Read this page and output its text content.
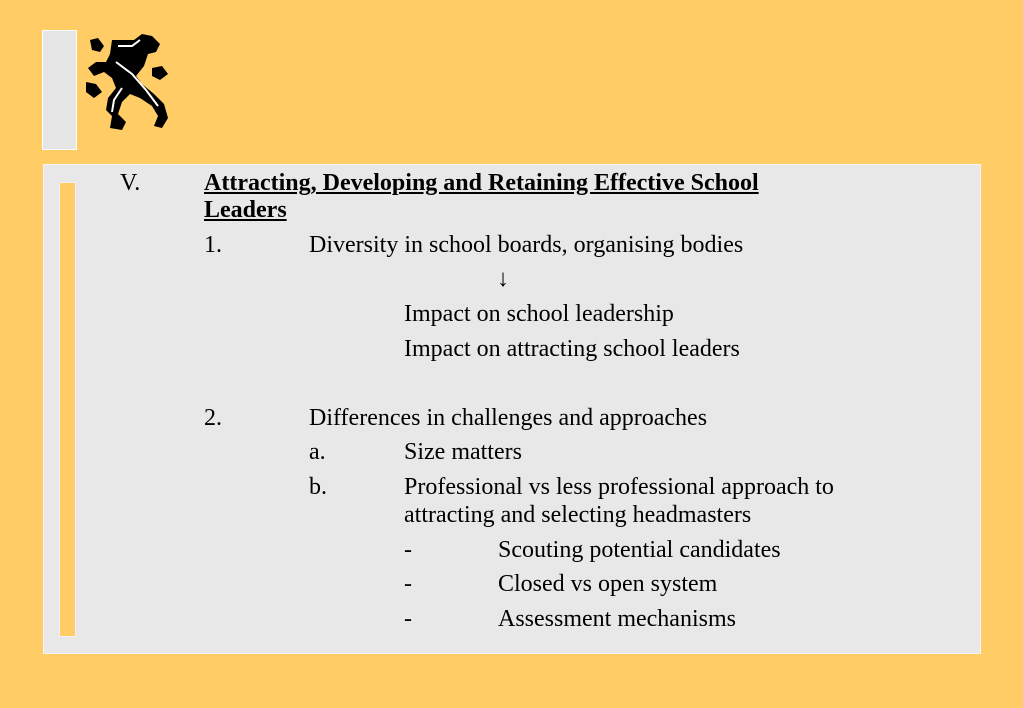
V.	Attracting, Developing and Retaining Effective School
Leaders
1.	Diversity in school boards, organising bodies
↓
Impact on school leadership
Impact on attracting school leaders
2.	Differences in challenges and approaches
a.	Size matters
b.	Professional vs less professional approach to
attracting and selecting headmasters
-	Scouting potential candidates
-	Closed vs open system
-	Assessment mechanisms
